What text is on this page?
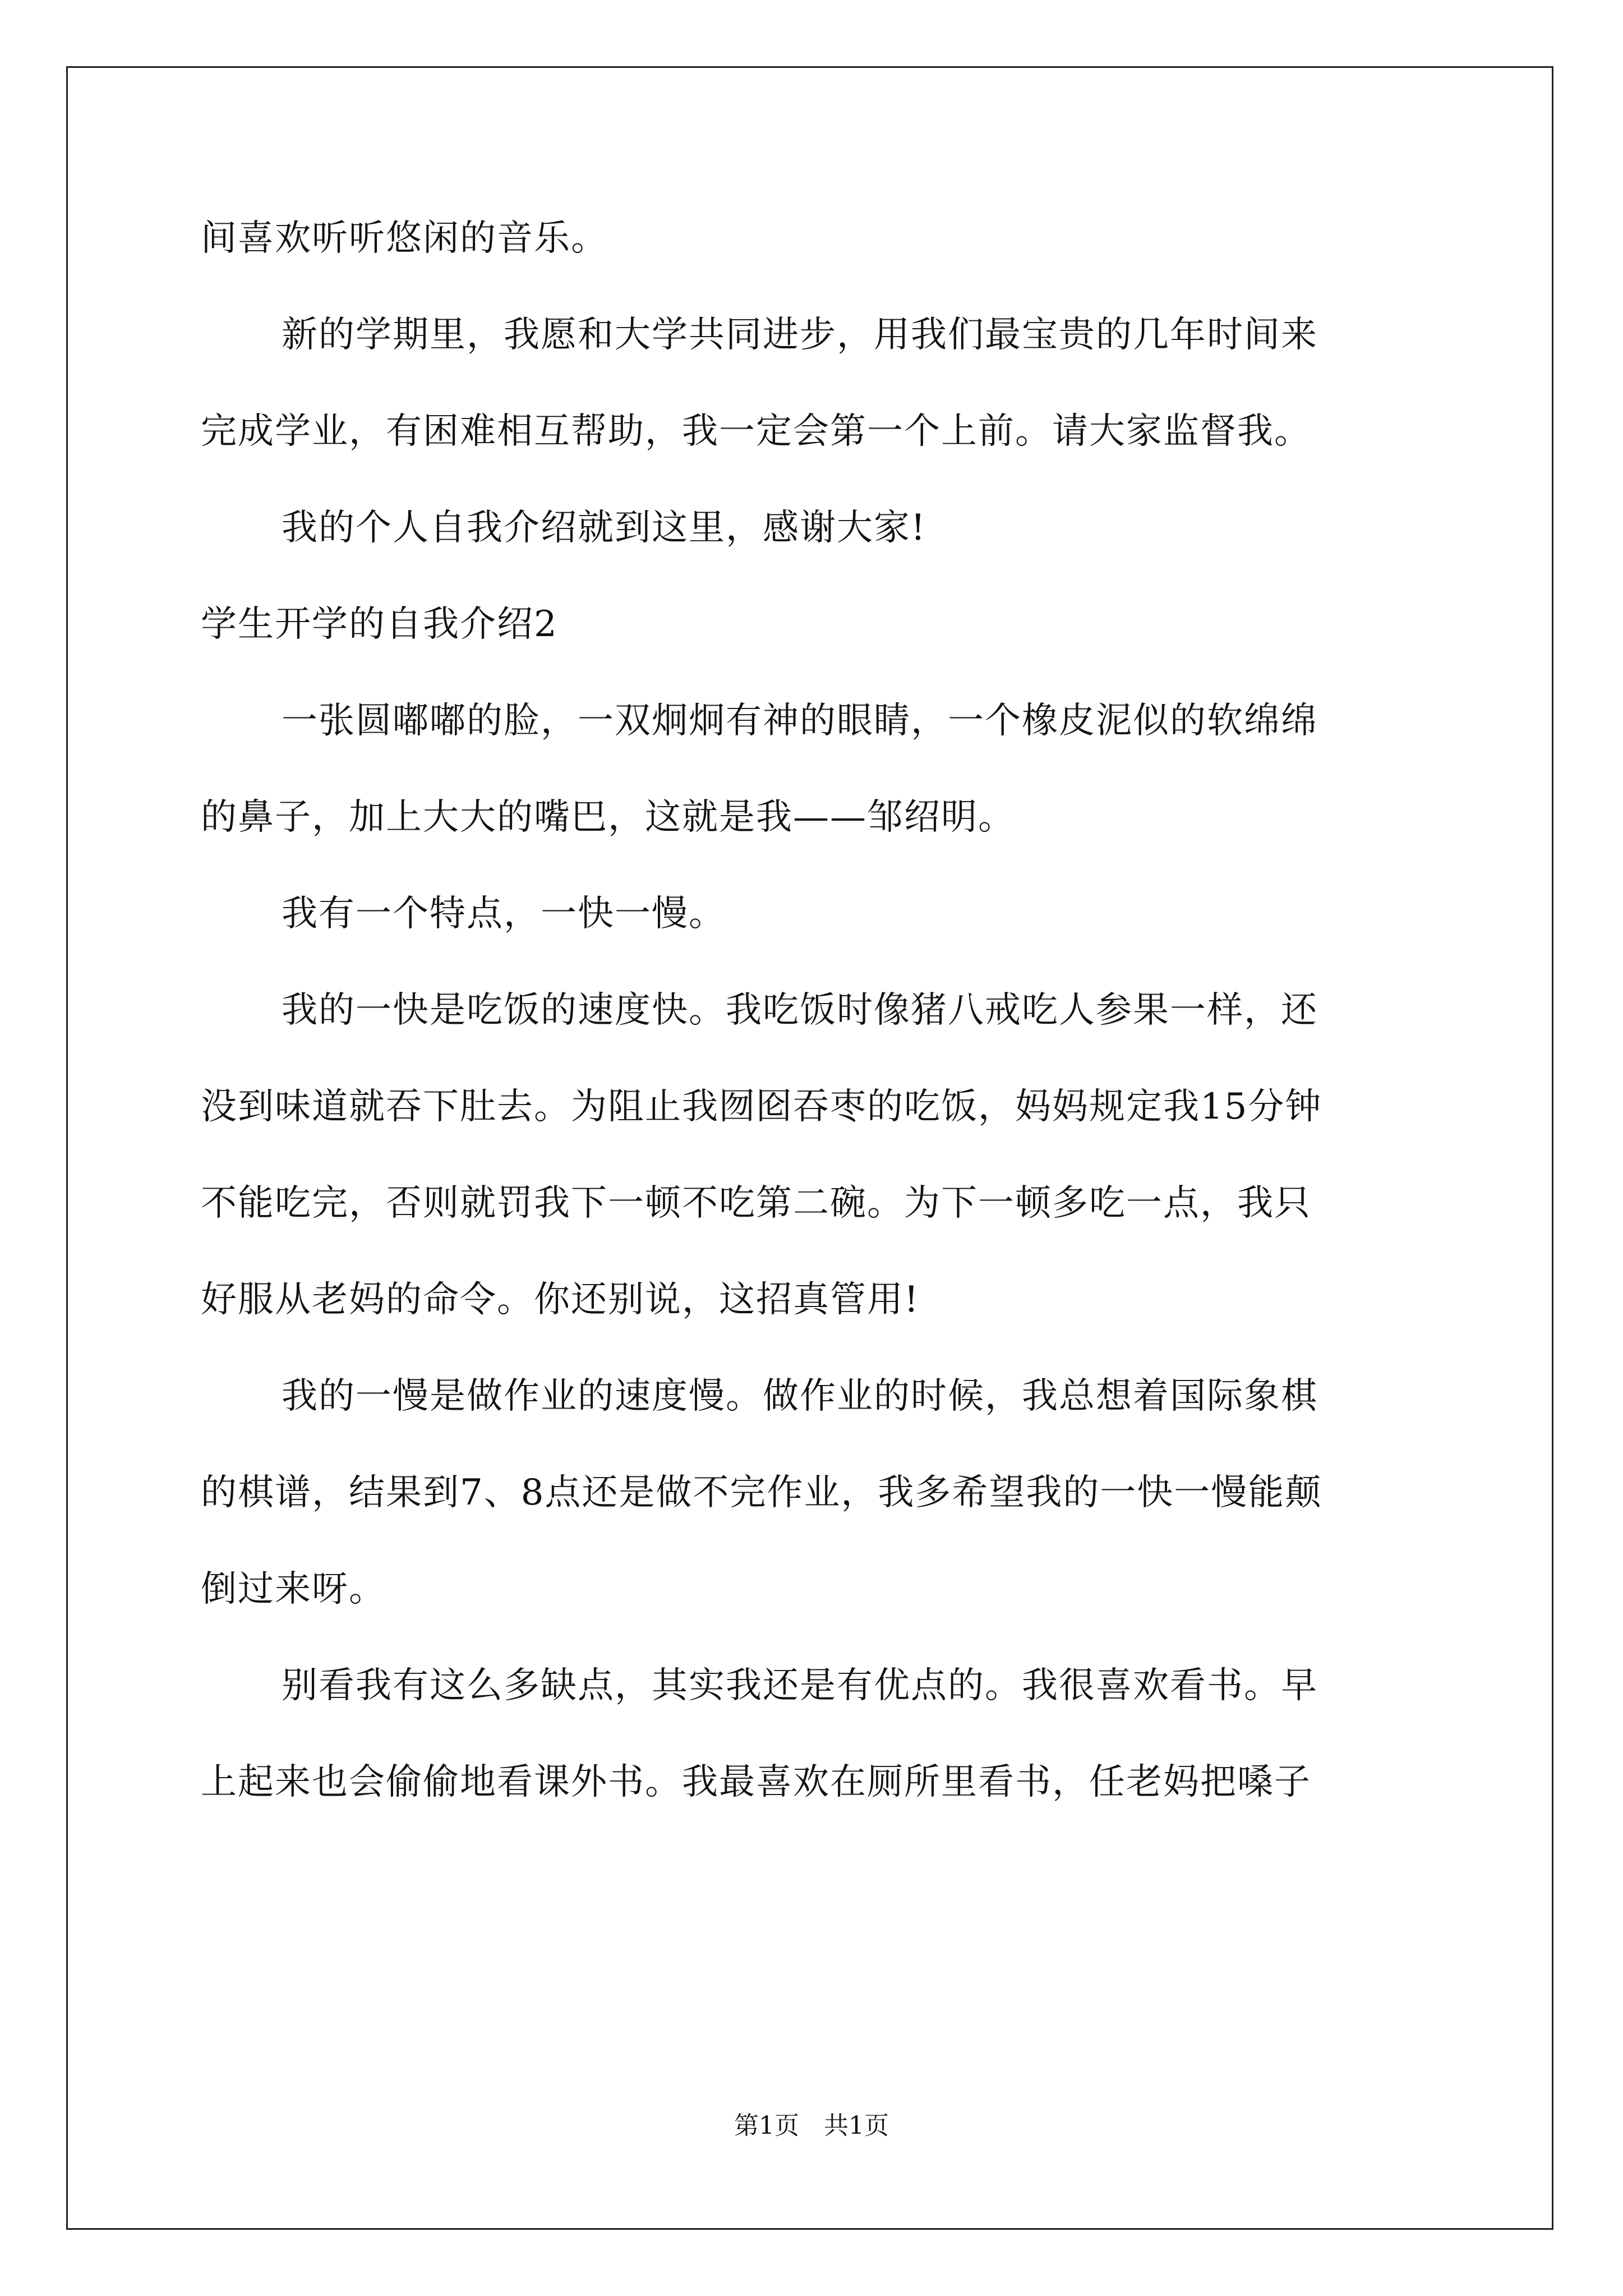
间喜欢听听悠闲的音乐。
新的学期里，我愿和大学共同进步，用我们最宝贵的几年时间来
完成学业，有困难相互帮助，我一定会第一个上前。请大家监督我。
我的个人自我介绍就到这里，感谢大家!
学生开学的自我介绍2
一张圆嘟嘟的脸，一双炯炯有神的眼睛，一个橡皮泥似的软绵绵
的鼻子，加上大大的嘴巴，这就是我——邹绍明。
我有一个特点，一快一慢。
我的一快是吃饭的速度快。我吃饭时像猪八戒吃人参果一样，还
没到味道就吞下肚去。为阻止我囫囵吞枣的吃饭，妈妈规定我15分钟
不能吃完，否则就罚我下一顿不吃第二碗。为下一顿多吃一点，我只
好服从老妈的命令。你还别说，这招真管用!
我的一慢是做作业的速度慢。做作业的时候，我总想着国际象棋
的棋谱，结果到7、8点还是做不完作业，我多希望我的一快一慢能颠
倒过来呀。
别看我有这么多缺点，其实我还是有优点的。我很喜欢看书。早
上起来也会偷偷地看课外书。我最喜欢在厕所里看书，任老妈把嗓子
第1页　共1页
